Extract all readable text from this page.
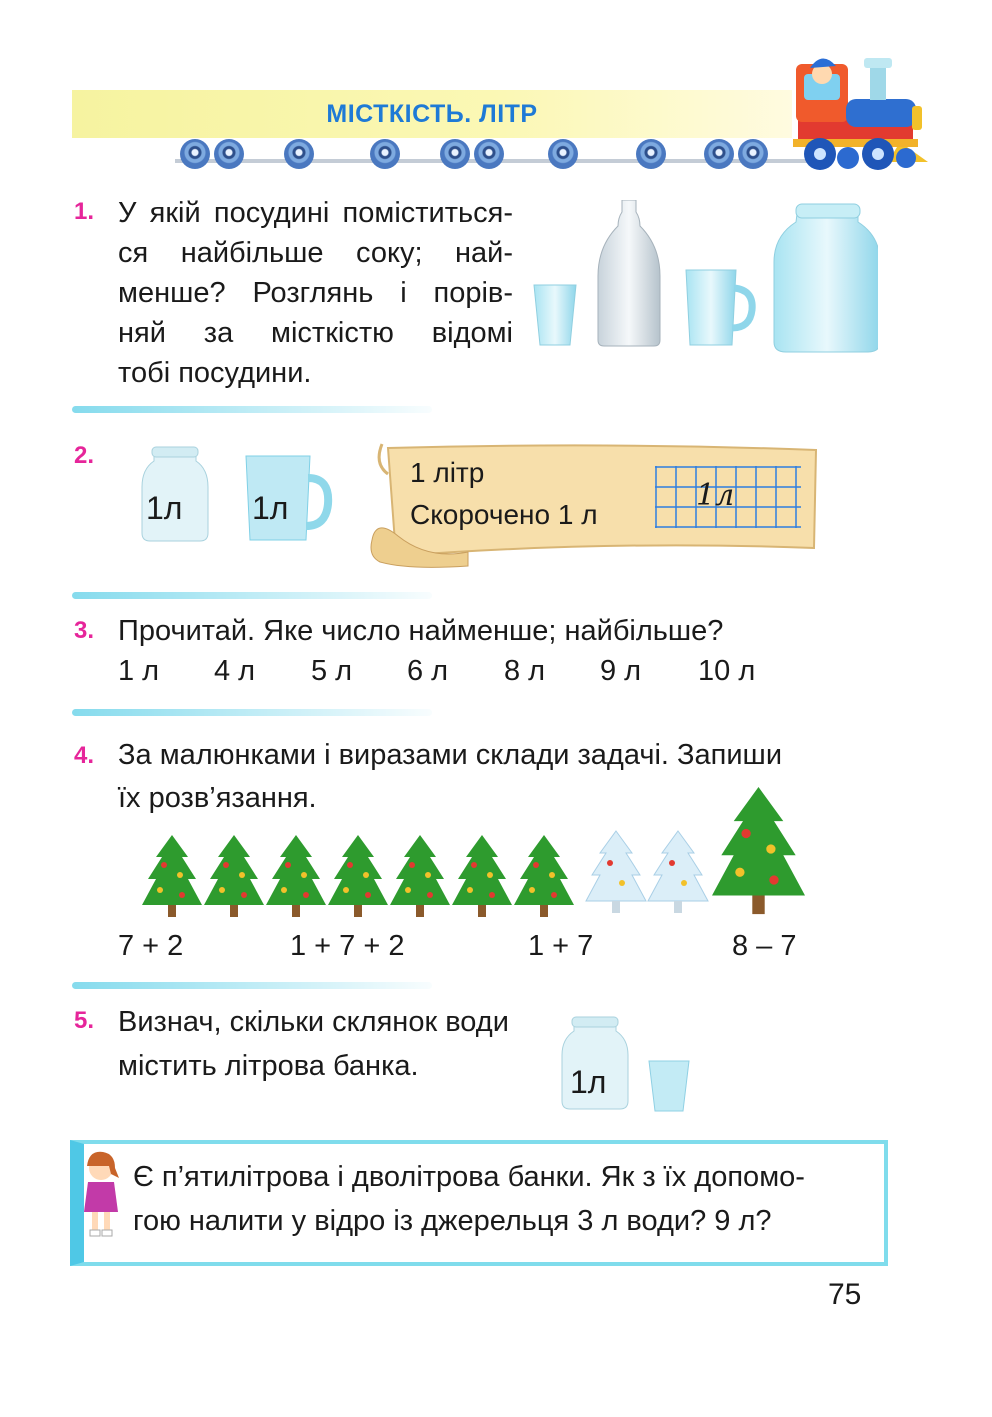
МІСТКІСТЬ. ЛІТР
1. У якій посудині поміститься-
ся найбільше соку; най-
менше? Розглянь і порів-
няй за місткістю відомі
тобі посудини.
2.
1л 1л
1 літр
Скорочено 1 л
1л
3. Прочитай. Яке число найменше; найбільше?
1 л 4 л 5 л 6 л 8 л 9 л 10 л
4. За малюнками і виразами склади задачі. Запиши
їх розв’язання.
7 + 2	1 + 7 + 2	1 + 7	8 – 7
5. Визнач, скільки склянок води
містить літрова банка.	1л
Є п’ятилітрова і дволітрова банки. Як з їх допомо-
гою налити у відро із джерельця 3 л води? 9 л?
75
